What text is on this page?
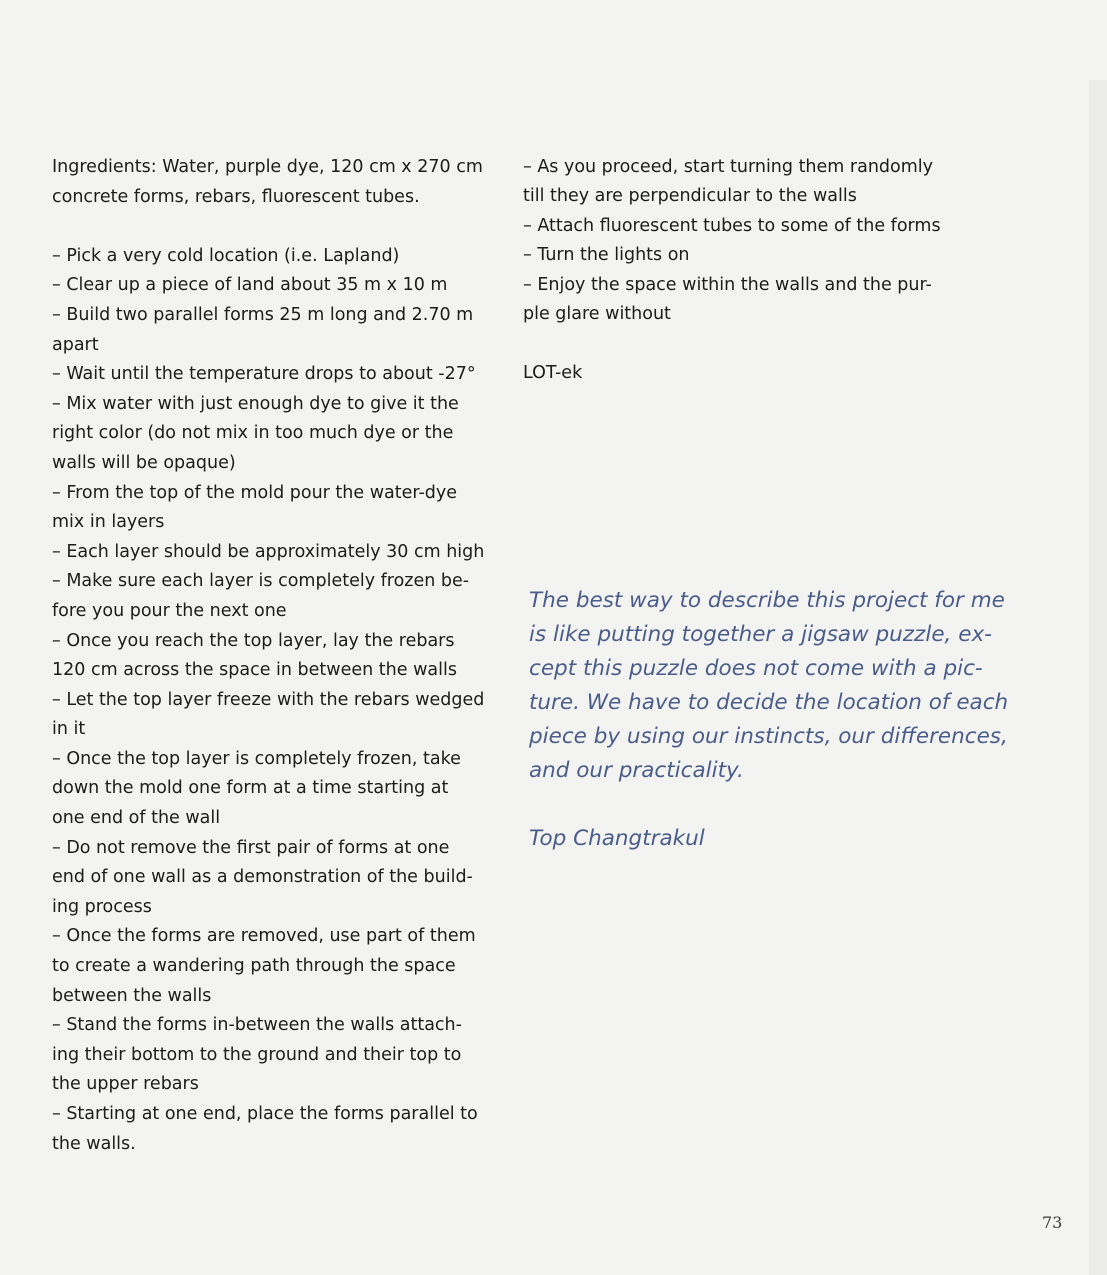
Ingredients: Water, purple dye, 120 cm x 270 cm
concrete forms, rebars, fluorescent tubes.
– Pick a very cold location (i.e. Lapland)
– Clear up a piece of land about 35 m x 10 m
– Build two parallel forms 25 m long and 2.70 m
apart
– Wait until the temperature drops to about -27°
– Mix water with just enough dye to give it the
right color (do not mix in too much dye or the
walls will be opaque)
– From the top of the mold pour the water-dye
mix in layers
– Each layer should be approximately 30 cm high
– Make sure each layer is completely frozen be-
fore you pour the next one
– Once you reach the top layer, lay the rebars
120 cm across the space in between the walls
– Let the top layer freeze with the rebars wedged
in it
– Once the top layer is completely frozen, take
down the mold one form at a time starting at
one end of the wall
– Do not remove the first pair of forms at one
end of one wall as a demonstration of the build-
ing process
– Once the forms are removed, use part of them
to create a wandering path through the space
between the walls
– Stand the forms in-between the walls attach-
ing their bottom to the ground and their top to
the upper rebars
– Starting at one end, place the forms parallel to
the walls.
– As you proceed, start turning them randomly
till they are perpendicular to the walls
– Attach fluorescent tubes to some of the forms
– Turn the lights on
– Enjoy the space within the walls and the pur-
ple glare without
LOT-ek
The best way to describe this project for me
is like putting together a jigsaw puzzle, ex-
cept this puzzle does not come with a pic-
ture. We have to decide the location of each
piece by using our instincts, our differences,
and our practicality.
Top Changtrakul
73
